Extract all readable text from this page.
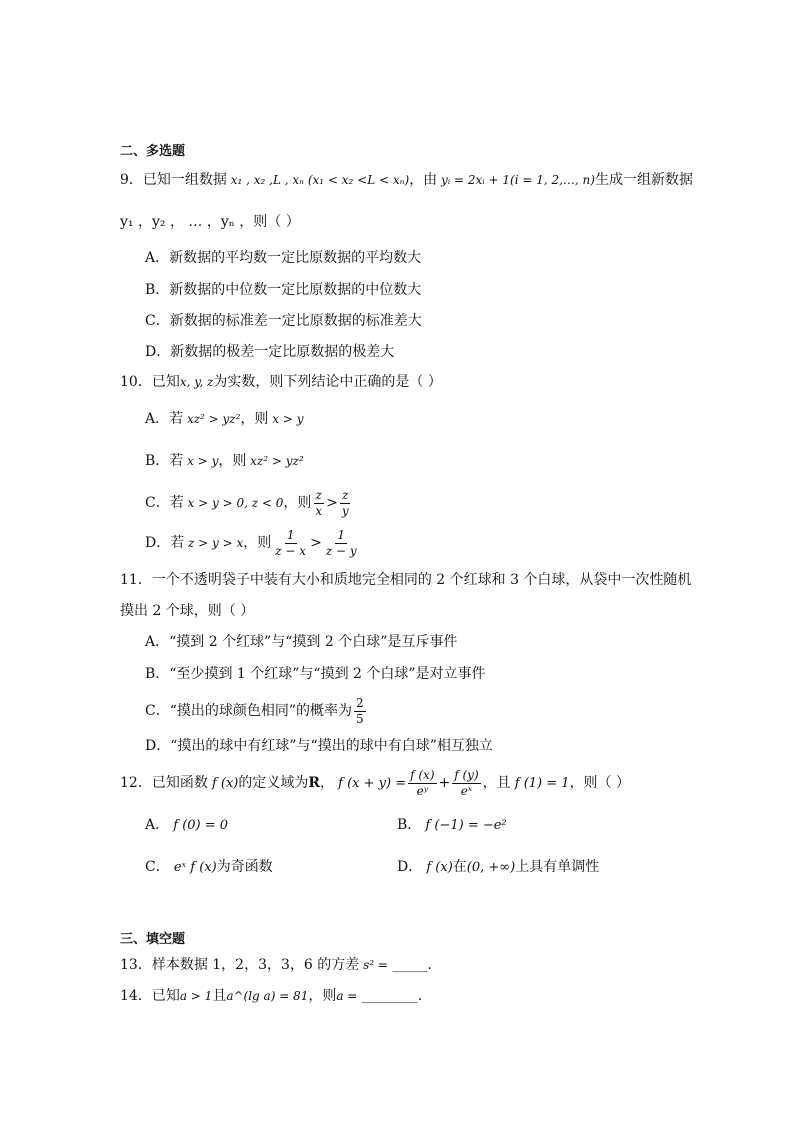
二、多选题
9．已知一组数据 x₁ , x₂ ,L , xₙ (x₁ < x₂ <L < xₙ)，由 yᵢ = 2xᵢ + 1(i = 1, 2,…, n)生成一组新数据
y₁ ，y₂ ， … ，yₙ ，则（ ）
A．新数据的平均数一定比原数据的平均数大
B．新数据的中位数一定比原数据的中位数大
C．新数据的标准差一定比原数据的标准差大
D．新数据的极差一定比原数据的极差大
10．已知x, y, z为实数，则下列结论中正确的是（ ）
A．若 xz² > yz²，则 x > y
B．若 x > y，则 xz² > yz²
C．若 x > y > 0, z < 0，则 $\frac{z}{x} > \frac{z}{y}$
D．若 z > y > x，则 $\frac{1}{z - x} > \frac{1}{z - y}$
11．一个不透明袋子中装有大小和质地完全相同的 2 个红球和 3 个白球，从袋中一次性随机
摸出 2 个球，则（ ）
A．“摸到 2 个红球”与“摸到 2 个白球”是互斥事件
B．“至少摸到 1 个红球”与“摸到 2 个白球”是对立事件
C．“摸出的球颜色相同”的概率为 $\frac{2}{5}$
D．“摸出的球中有红球”与“摸出的球中有白球”相互独立
12．已知函数 f (x)的定义域为R， f $(x + y) = \frac{f (x)}{\text{eʸ}} + \frac{f (y)}{\text{eˣ}}$ ，且 f (1) = 1，则（ ）
A． f (0) = 0	B． f (−1) = −e²
C． eˣ f (x)为奇函数	D． f (x)在(0, +∞)上具有单调性
三、填空题
13．样本数据 1，2，3，3，6 的方差 s² = _____.
14．已知a > 1且a^(lg a) = 81，则a = ________.
